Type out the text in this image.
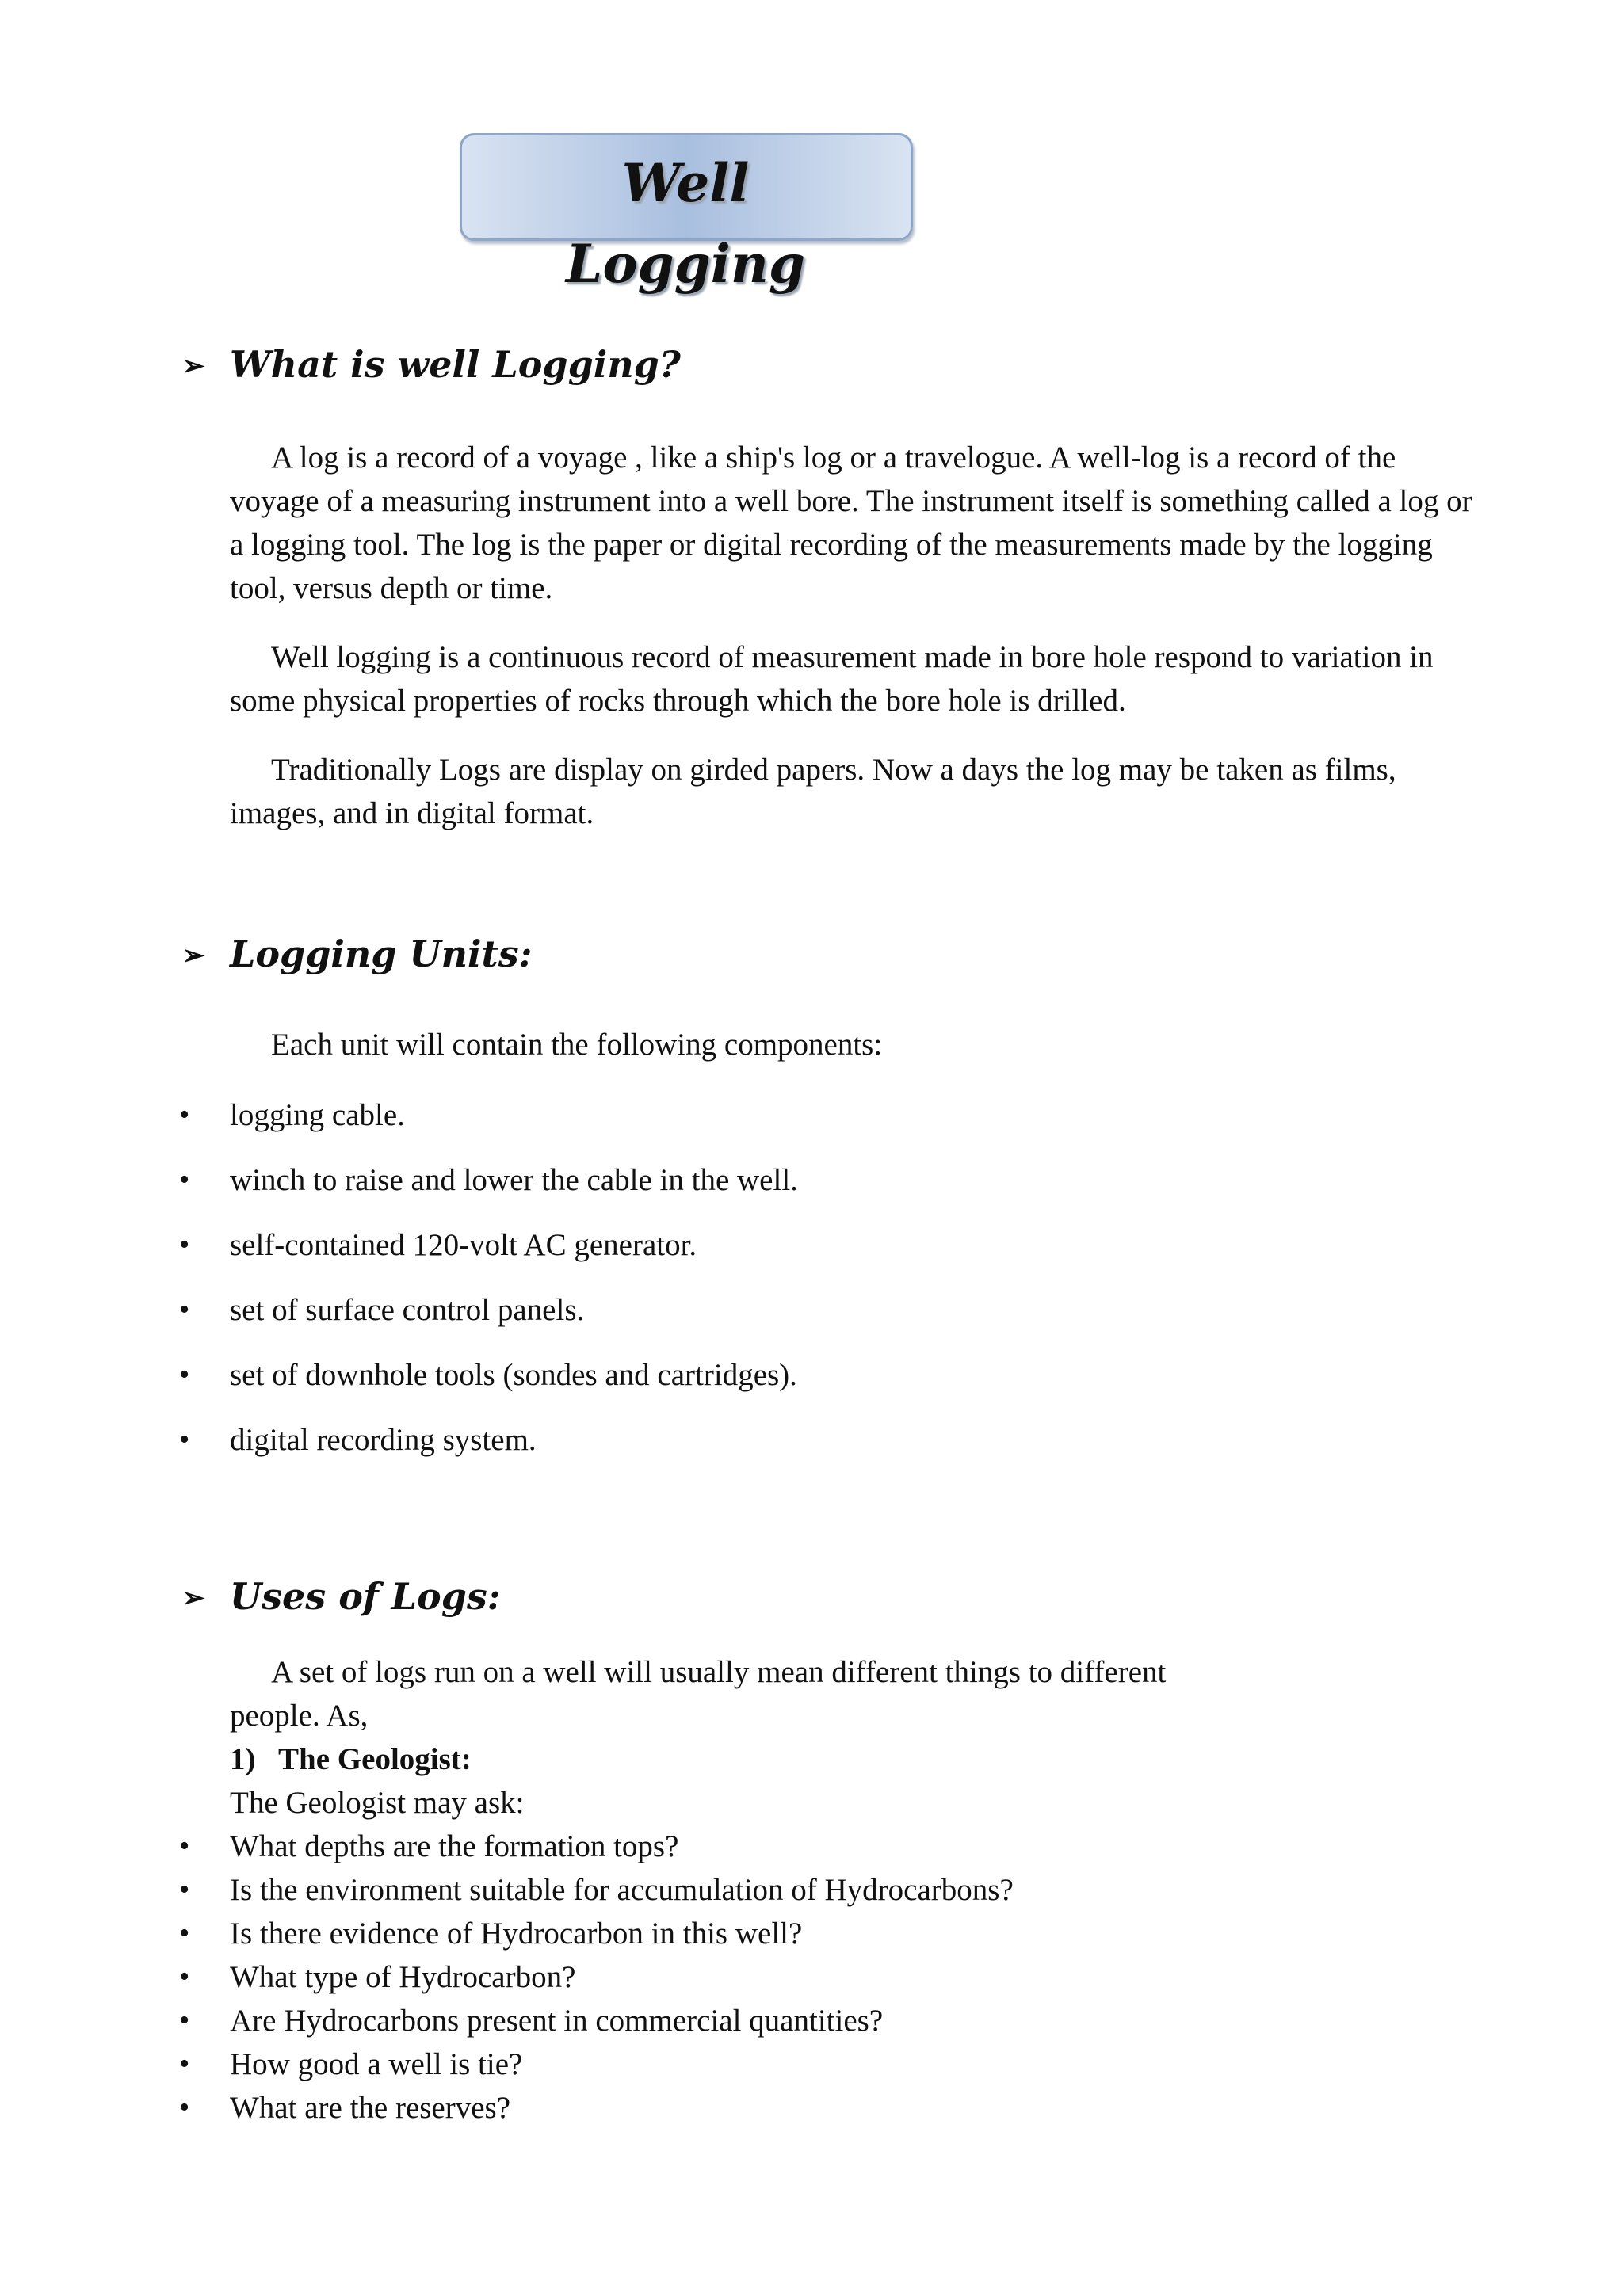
Well
Logging
➢ What is well Logging?
A log is a record of a voyage , like a ship's log or a travelogue. A well-log is a record of the voyage of a measuring instrument into a well bore. The instrument itself is something called a log or a logging tool. The log is the paper or digital recording of the measurements made by the logging tool, versus depth or time.
Well logging is a continuous record of measurement made in bore hole respond to variation in some physical properties of rocks through which the bore hole is drilled.
Traditionally Logs are display on girded papers. Now a days the log may be taken as films, images, and in digital format.
➢ Logging Units:
Each unit will contain the following components:
• logging cable.
• winch to raise and lower the cable in the well.
• self-contained 120-volt AC generator.
• set of surface control panels.
• set of downhole tools (sondes and cartridges).
• digital recording system.
➢ Uses of Logs:
A set of logs run on a well will usually mean different things to different
people. As,
1)   The Geologist:
The Geologist may ask:
• What depths are the formation tops?
• Is the environment suitable for accumulation of Hydrocarbons?
• Is there evidence of Hydrocarbon in this well?
• What type of Hydrocarbon?
• Are Hydrocarbons present in commercial quantities?
• How good a well is tie?
• What are the reserves?
